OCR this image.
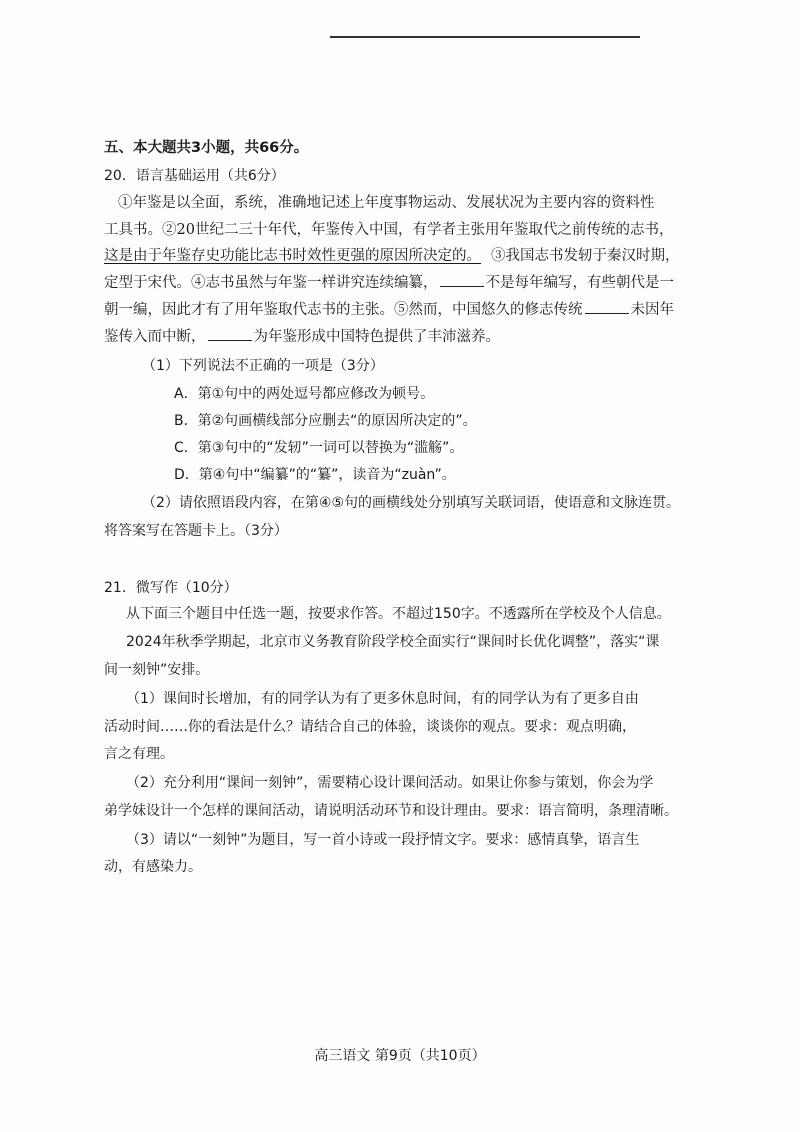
五、本大题共3小题，共66分。
20．语言基础运用（共6分）
①年鉴是以全面，系统，准确地记述上年度事物运动、发展状况为主要内容的资料性
工具书。②20世纪二三十年代，年鉴传入中国，有学者主张用年鉴取代之前传统的志书，
这是由于年鉴存史功能比志书时效性更强的原因所决定的。 ③我国志书发轫于秦汉时期，
定型于宋代。④志书虽然与年鉴一样讲究连续编纂，	不是每年编写，有些朝代是一
朝一编，因此才有了用年鉴取代志书的主张。⑤然而，中国悠久的修志传统	未因年
鉴传入而中断，	为年鉴形成中国特色提供了丰沛滋养。
（1）下列说法不正确的一项是（3分）
A．第①句中的两处逗号都应修改为顿号。
B．第②句画横线部分应删去“的原因所决定的”。
C．第③句中的“发轫”一词可以替换为“滥觞”。
D．第④句中“编纂”的“纂”，读音为“zuàn”。
（2）请依照语段内容，在第④⑤句的画横线处分别填写关联词语，使语意和文脉连贯。
将答案写在答题卡上。（3分）
21．微写作（10分）
从下面三个题目中任选一题，按要求作答。不超过150字。不透露所在学校及个人信息。
2024年秋季学期起，北京市义务教育阶段学校全面实行“课间时长优化调整”，落实“课
间一刻钟”安排。
（1）课间时长增加，有的同学认为有了更多休息时间，有的同学认为有了更多自由
活动时间……你的看法是什么？请结合自己的体验，谈谈你的观点。要求：观点明确，
言之有理。
（2）充分利用“课间一刻钟”，需要精心设计课间活动。如果让你参与策划，你会为学
弟学妹设计一个怎样的课间活动，请说明活动环节和设计理由。要求：语言简明，条理清晰。
（3）请以“一刻钟”为题目，写一首小诗或一段抒情文字。要求：感情真挚，语言生
动，有感染力。
高三语文 第9页（共10页）
